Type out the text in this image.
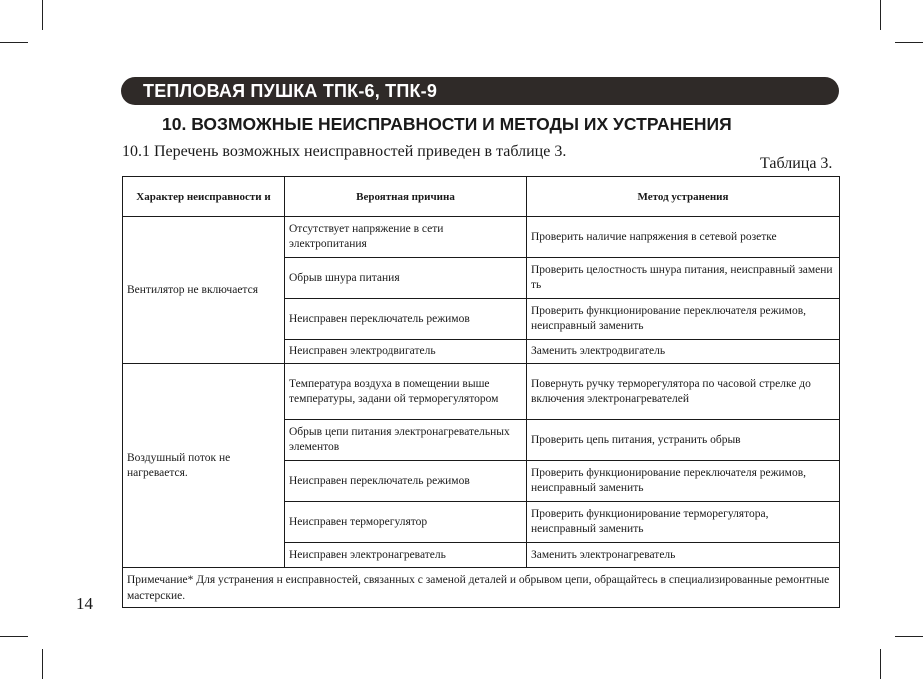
ТЕПЛОВАЯ ПУШКА ТПК-6, ТПК-9
10. ВОЗМОЖНЫЕ НЕИСПРАВНОСТИ И МЕТОДЫ ИХ УСТРАНЕНИЯ
10.1 Перечень возможных неисправностей приведен в таблице 3.
Таблица 3.
Характер неисправности и	Вероятная причина	Метод устранения
Вентилятор не включается	Отсутствует напряжение в сети электропитания	Проверить наличие напряжения в сетевой розетке
	Обрыв шнура питания	Проверить целостность шнура питания, неисправный замени ть
	Неисправен переключатель режимов	Проверить функционирование переключателя режимов, неисправный заменить
	Неисправен электродвигатель	Заменить электродвигатель
Воздушный поток не нагревается.	Температура воздуха в помещении выше температуры, задани ой терморегулятором	Повернуть ручку терморегулятора по часовой стрелке до включения электронагревателей
	Обрыв цепи питания электронагревательных элементов	Проверить цепь питания, устранить обрыв
	Неисправен переключатель режимов	Проверить функционирование переключателя режимов, неисправный заменить
	Неисправен терморегулятор	Проверить функционирование терморегулятора, неисправный заменить
	Неисправен электронагреватель	Заменить электронагреватель
Примечание* Для устранения н еисправностей, связанных с заменой деталей и обрывом цепи, обращайтесь в специализированные ремонтные мастерские.		
14
